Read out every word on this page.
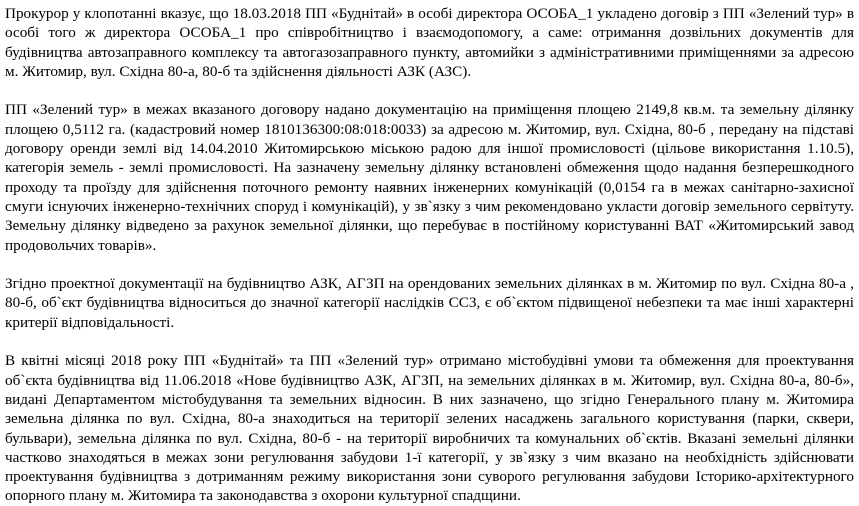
Прокурор у клопотанні вказує, що 18.03.2018 ПП «Буднітай» в особі директора ОСОБА_1 укладено договір з ПП «Зелений тур» в особі того ж директора ОСОБА_1 про співробітництво і взаємодопомогу, а саме: отримання дозвільних документів для будівництва автозаправного комплексу та автогазозаправного пункту, автомийки з адміністративними приміщеннями за адресою м. Житомир, вул. Східна 80-а, 80-б та здійснення діяльності АЗК (АЗС).

ПП «Зелений тур» в межах вказаного договору надано документацію на приміщення площею 2149,8 кв.м. та земельну ділянку площею 0,5112 га. (кадастровий номер 1810136300:08:018:0033) за адресою м. Житомир, вул. Східна, 80-б , передану на підставі договору оренди землі від 14.04.2010 Житомирською міською радою для іншої промисловості (цільове використання 1.10.5), категорія земель - землі промисловості. На зазначену земельну ділянку встановлені обмеження щодо надання безперешкодного проходу та проїзду для здійснення поточного ремонту наявних інженерних комунікацій (0,0154 га в межах санітарно-захисної смуги існуючих інженерно-технічних споруд і комунікацій), у зв`язку з чим рекомендовано укласти договір земельного сервітуту. Земельну ділянку відведено за рахунок земельної ділянки, що перебуває в постійному користуванні ВАТ «Житомирський завод продовольчих товарів».

Згідно проектної документації на будівництво АЗК, АГЗП на орендованих земельних ділянках в м. Житомир по вул. Східна 80-а , 80-б, об`єкт будівництва відноситься до значної категорії наслідків СС3, є об`єктом підвищеної небезпеки та має інші характерні критерії відповідальності.

В квітні місяці 2018 року ПП «Буднітай» та ПП «Зелений тур» отримано містобудівні умови та обмеження для проектування об`єкта будівництва від 11.06.2018 «Нове будівництво АЗК, АГЗП, на земельних ділянках в м. Житомир, вул. Східна 80-а, 80-б», видані Департаментом містобудування та земельних відносин. В них зазначено, що згідно Генерального плану м. Житомира земельна ділянка по вул. Східна, 80-а знаходиться на території зелених насаджень загального користування (парки, сквери, бульвари), земельна ділянка по вул. Східна, 80-б - на території виробничих та комунальних об`єктів. Вказані земельні ділянки частково знаходяться в межах зони регулювання забудови 1-ї категорії, у зв`язку з чим вказано на необхідність здійснювати проектування будівництва з дотриманням режиму використання зони суворого регулювання забудови Історико-архітектурного опорного плану м. Житомира та законодавства з охорони культурної спадщини.
